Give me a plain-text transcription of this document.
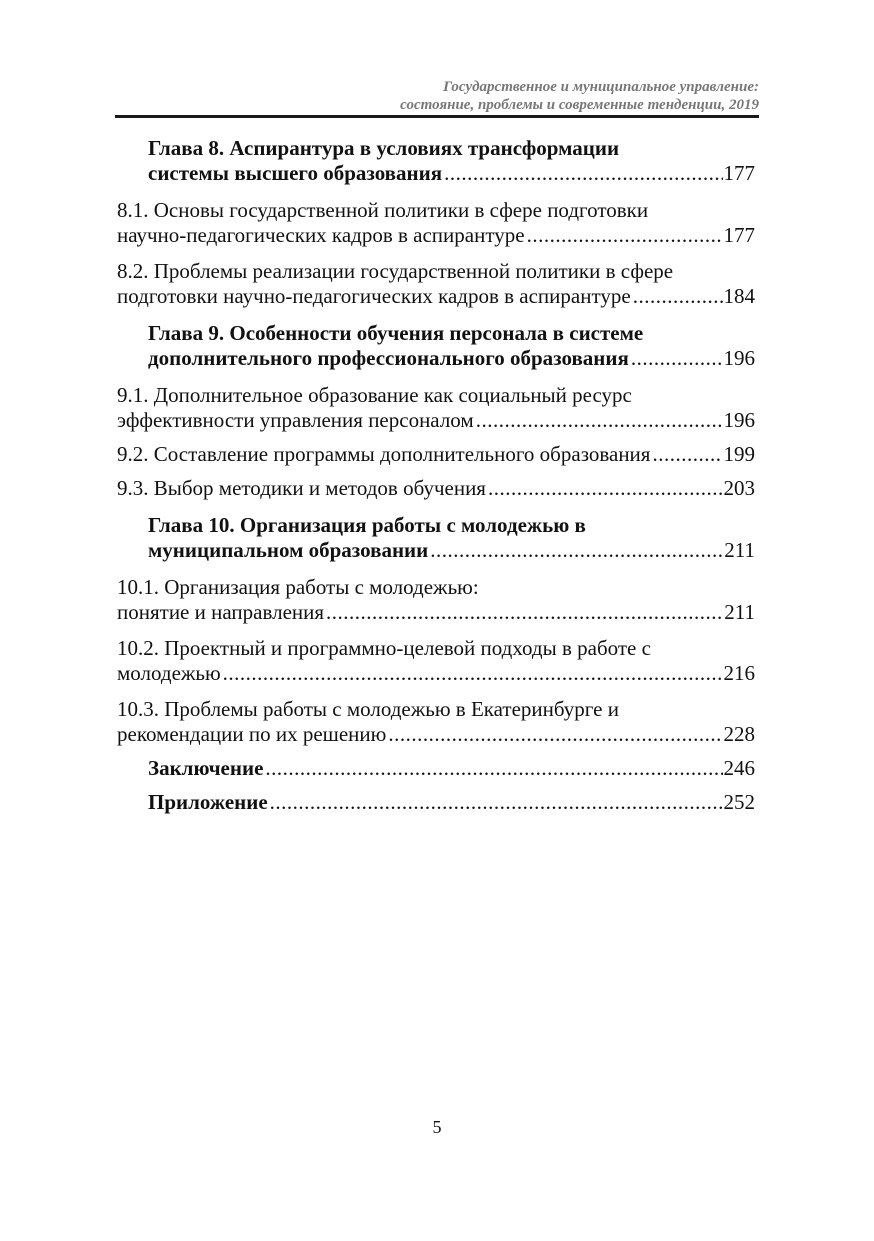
Государственное и муниципальное управление:
состояние, проблемы и современные тенденции, 2019
Глава 8. Аспирантура в условиях трансформации
системы высшего образования .....	177
8.1. Основы государственной политики в сфере подготовки
научно-педагогических кадров в аспирантуре .....	177
8.2. Проблемы реализации государственной политики в сфере
подготовки научно-педагогических кадров в аспирантуре .....	184
Глава 9. Особенности обучения персонала в системе
дополнительного профессионального образования .....	196
9.1. Дополнительное образование как социальный ресурс
эффективности управления персоналом .....	196
9.2. Составление программы дополнительного образования .....	199
9.3. Выбор методики и методов обучения .....	203
Глава 10. Организация работы с молодежью в
муниципальном образовании .....	211
10.1. Организация работы с молодежью:
понятие и направления .....	211
10.2. Проектный и программно-целевой подходы в работе с
молодежью .....	216
10.3. Проблемы работы с молодежью в Екатеринбурге и
рекомендации по их решению .....	228
Заключение .....	246
Приложение .....	252
5
